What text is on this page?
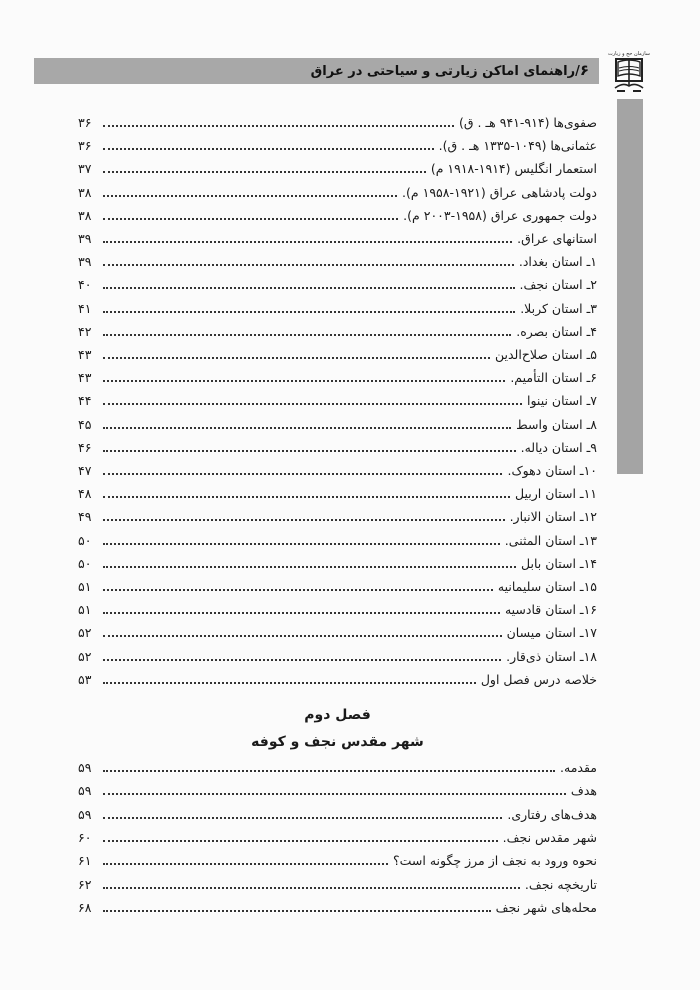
۶/راهنمای اماکن زیارتی و سیاحتی در عراق
سازمان حج و زیارت
صفوی‌ها (۹۱۴-۹۴۱ هـ . ق)
۳۶
عثمانی‌ها (۱۰۴۹-۱۳۳۵ هـ . ق).
۳۶
استعمار انگلیس (۱۹۱۴-۱۹۱۸ م)
۳۷
دولت پادشاهی عراق (۱۹۲۱-۱۹۵۸ م).
۳۸
دولت جمهوری عراق (۱۹۵۸-۲۰۰۳ م).
۳۸
استانهای عراق.
۳۹
۱ـ استان بغداد.
۳۹
۲ـ استان نجف.
۴۰
۳ـ استان کربلا.
۴۱
۴ـ استان بصره.
۴۲
۵ـ استان صلاح‌الدین
۴۳
۶ـ استان التأمیم.
۴۳
۷ـ استان نینوا
۴۴
۸ـ استان واسط
۴۵
۹ـ استان دیاله.
۴۶
۱۰ـ استان دهوک.
۴۷
۱۱ـ استان اربیل
۴۸
۱۲ـ استان الانبار.
۴۹
۱۳ـ استان المثنی.
۵۰
۱۴ـ استان بابل
۵۰
۱۵ـ استان سلیمانیه
۵۱
۱۶ـ استان قادسیه
۵۱
۱۷ـ استان میسان
۵۲
۱۸ـ استان ذی‌قار.
۵۲
خلاصه درس فصل اول
۵۳
فصل دوم
شهر مقدس نجف و کوفه
مقدمه.
۵۹
هدف
۵۹
هدف‌های رفتاری.
۵۹
شهر مقدس نجف.
۶۰
نحوه ورود به نجف از مرز چگونه است؟
۶۱
تاریخچه نجف.
۶۲
محله‌های شهر نجف
۶۸
